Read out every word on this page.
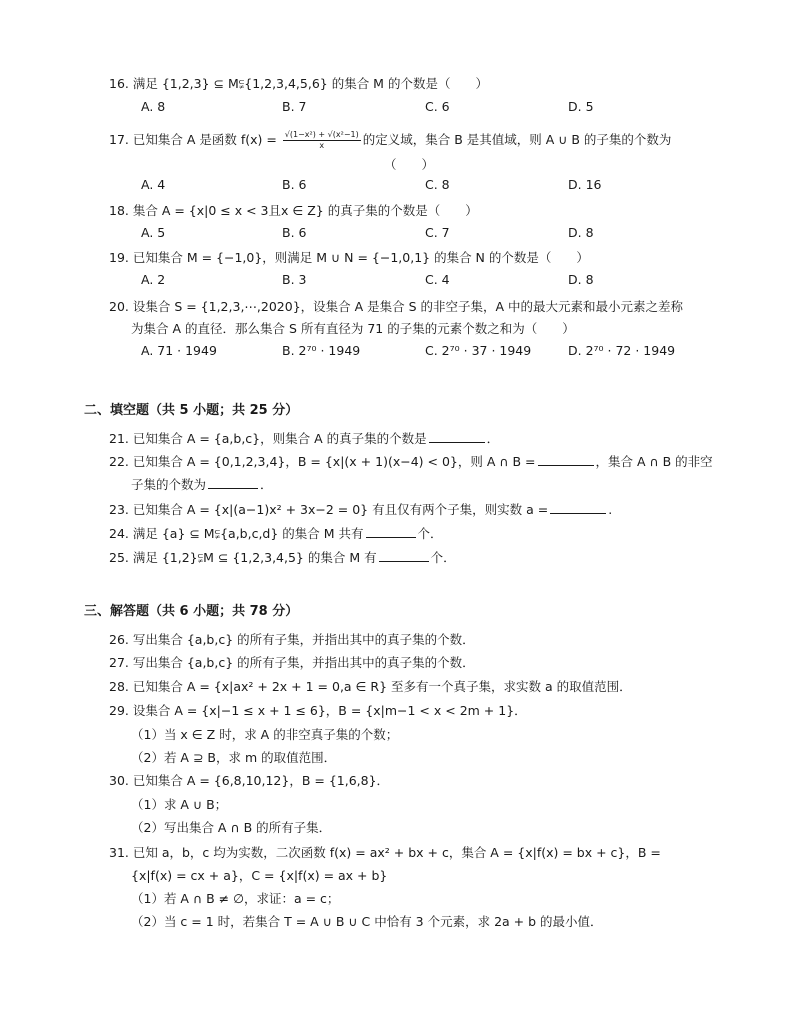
16. 满足 {1,2,3} ⊆ M⫋{1,2,3,4,5,6} 的集合 M 的个数是（　　）
A. 8	B. 7	C. 6	D. 5
17. 已知集合 A 是函数 $f(x) = \frac{\text{√(1−x²) + √(x²−1)}}{x}$ 的定义域，集合 B 是其值域，则 A ∪ B 的子集的个数为
（　　）
A. 4	B. 6	C. 8	D. 16
18. 集合 A = {x|0 ≤ x < 3且x ∈ Z} 的真子集的个数是（　　）
A. 5	B. 6	C. 7	D. 8
19. 已知集合 M = {−1,0}，则满足 M ∪ N = {−1,0,1} 的集合 N 的个数是（　　）
A. 2	B. 3	C. 4	D. 8
20. 设集合 S = {1,2,3,⋯,2020}，设集合 A 是集合 S 的非空子集，A 中的最大元素和最小元素之差称
为集合 A 的直径．那么集合 S 所有直径为 71 的子集的元素个数之和为（　　）
A. 71 · 1949	B. 2⁷⁰ · 1949	C. 2⁷⁰ · 37 · 1949	D. 2⁷⁰ · 72 · 1949
二、填空题（共 5 小题；共 25 分）
21. 已知集合 A = {a,b,c}，则集合 A 的真子集的个数是	．
22. 已知集合 A = {0,1,2,3,4}，B = {x|(x + 1)(x−4) < 0}，则 A ∩ B =	，集合 A ∩ B 的非空
子集的个数为	．
23. 已知集合 A = {x|(a−1)x² + 3x−2 = 0} 有且仅有两个子集，则实数 a =	.
24. 满足 {a} ⊆ M⫋{a,b,c,d} 的集合 M 共有	个．
25. 满足 {1,2}⫋M ⊆ {1,2,3,4,5} 的集合 M 有	个．
三、解答题（共 6 小题；共 78 分）
26. 写出集合 {a,b,c} 的所有子集，并指出其中的真子集的个数．
27. 写出集合 {a,b,c} 的所有子集，并指出其中的真子集的个数．
28. 已知集合 A = {x|ax² + 2x + 1 = 0,a ∈ R} 至多有一个真子集，求实数 a 的取值范围．
29. 设集合 A = {x|−1 ≤ x + 1 ≤ 6}，B = {x|m−1 < x < 2m + 1}．
（1）当 x ∈ Z 时，求 A 的非空真子集的个数；
（2）若 A ⊇ B，求 m 的取值范围．
30. 已知集合 A = {6,8,10,12}，B = {1,6,8}．
（1）求 A ∪ B；
（2）写出集合 A ∩ B 的所有子集．
31. 已知 a，b，c 均为实数，二次函数 f(x) = ax² + bx + c，集合 A = {x|f(x) = bx + c}，B =
{x|f(x) = cx + a}，C = {x|f(x) = ax + b}
（1）若 A ∩ B ≠ ∅，求证：a = c；
（2）当 c = 1 时，若集合 T = A ∪ B ∪ C 中恰有 3 个元素，求 2a + b 的最小值．
